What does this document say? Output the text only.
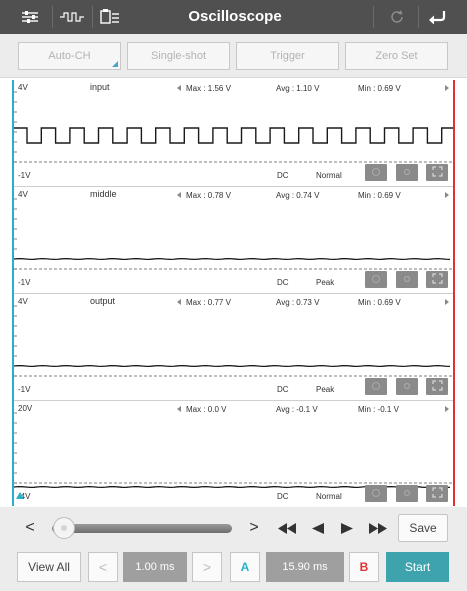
Oscilloscope
Auto-CH	Single-shot	Trigger	Zero Set
4V	input	Max : 1.56 V	Avg : 1.10 V	Min : 0.69 V
-1V	DC	Normal
4V	middle	Max : 0.78 V	Avg : 0.74 V	Min : 0.69 V
-1V	DC	Peak
4V	output	Max : 0.77 V	Avg : 0.73 V	Min : 0.69 V
-1V	DC	Peak
20V	Max : 0.0 V	Avg : -0.1 V	Min : -0.1 V
-4V	DC	Normal
<	>	Save
View All	<	1.00 ms	>	A	15.90 ms	B	Start
